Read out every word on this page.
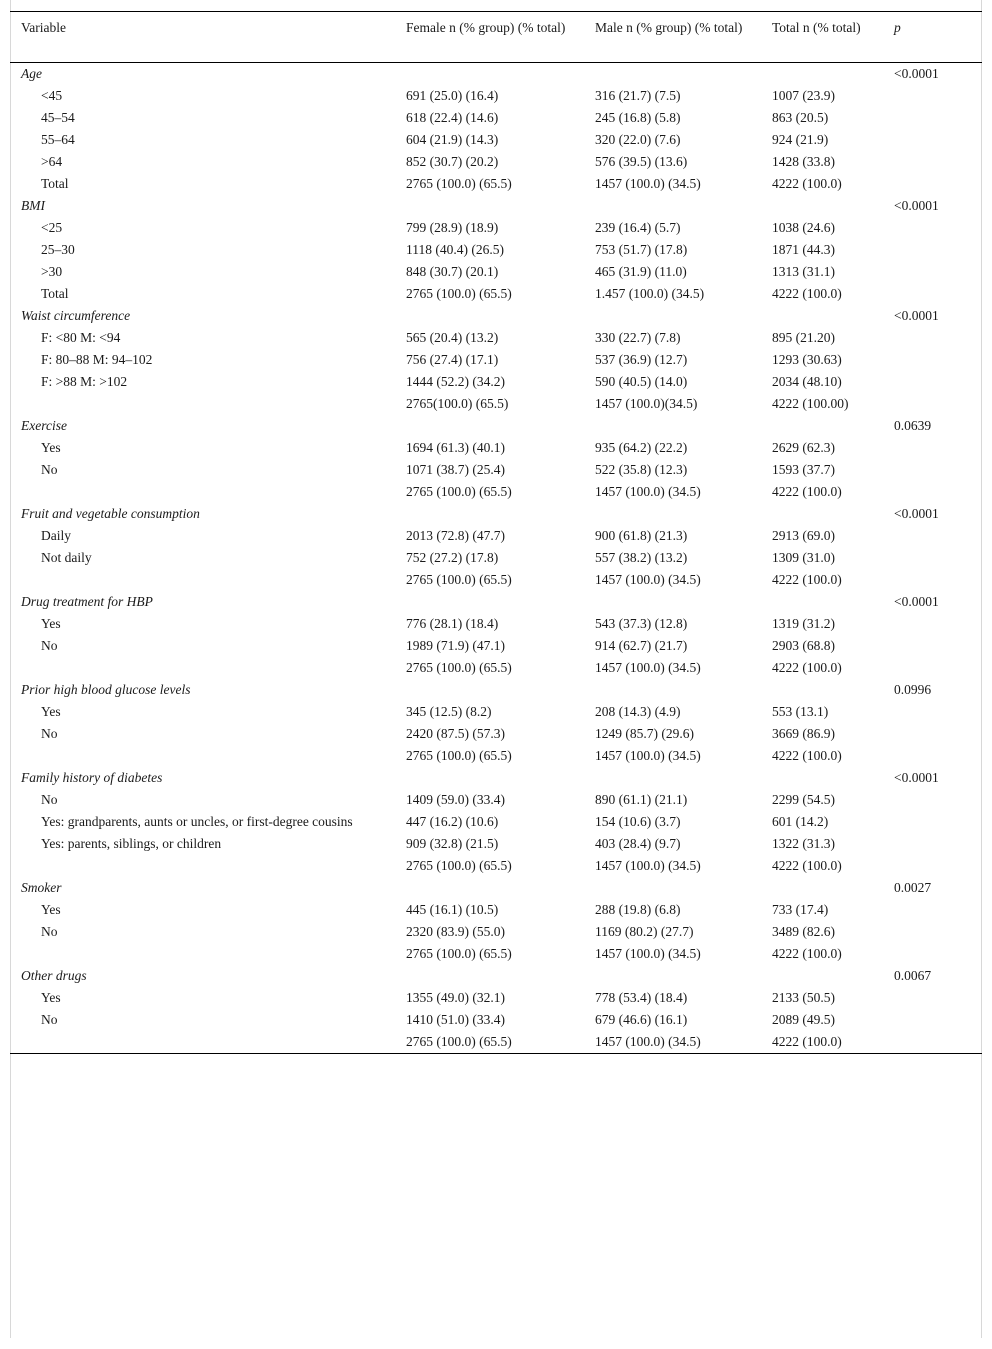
Variable	Female n (% group) (% total)	Male n (% group) (% total)	Total n (% total)	p
Age				<0.0001
<45	691 (25.0) (16.4)	316 (21.7) (7.5)	1007 (23.9)	
45–54	618 (22.4) (14.6)	245 (16.8) (5.8)	863 (20.5)	
55–64	604 (21.9) (14.3)	320 (22.0) (7.6)	924 (21.9)	
>64	852 (30.7) (20.2)	576 (39.5) (13.6)	1428 (33.8)	
Total	2765 (100.0) (65.5)	1457 (100.0) (34.5)	4222 (100.0)	
BMI				<0.0001
<25	799 (28.9) (18.9)	239 (16.4) (5.7)	1038 (24.6)	
25–30	1118 (40.4) (26.5)	753 (51.7) (17.8)	1871 (44.3)	
>30	848 (30.7) (20.1)	465 (31.9) (11.0)	1313 (31.1)	
Total	2765 (100.0) (65.5)	1.457 (100.0) (34.5)	4222 (100.0)	
Waist circumference				<0.0001
F: <80 M: <94	565 (20.4) (13.2)	330 (22.7) (7.8)	895 (21.20)	
F: 80–88 M: 94–102	756 (27.4) (17.1)	537 (36.9) (12.7)	1293 (30.63)	
F: >88 M: >102	1444 (52.2) (34.2)	590 (40.5) (14.0)	2034 (48.10)	
	2765(100.0) (65.5)	1457 (100.0)(34.5)	4222 (100.00)	
Exercise				0.0639
Yes	1694 (61.3) (40.1)	935 (64.2) (22.2)	2629 (62.3)	
No	1071 (38.7) (25.4)	522 (35.8) (12.3)	1593 (37.7)	
	2765 (100.0) (65.5)	1457 (100.0) (34.5)	4222 (100.0)	
Fruit and vegetable consumption				<0.0001
Daily	2013 (72.8) (47.7)	900 (61.8) (21.3)	2913 (69.0)	
Not daily	752 (27.2) (17.8)	557 (38.2) (13.2)	1309 (31.0)	
	2765 (100.0) (65.5)	1457 (100.0) (34.5)	4222 (100.0)	
Drug treatment for HBP				<0.0001
Yes	776 (28.1) (18.4)	543 (37.3) (12.8)	1319 (31.2)	
No	1989 (71.9) (47.1)	914 (62.7) (21.7)	2903 (68.8)	
	2765 (100.0) (65.5)	1457 (100.0) (34.5)	4222 (100.0)	
Prior high blood glucose levels				0.0996
Yes	345 (12.5) (8.2)	208 (14.3) (4.9)	553 (13.1)	
No	2420 (87.5) (57.3)	1249 (85.7) (29.6)	3669 (86.9)	
	2765 (100.0) (65.5)	1457 (100.0) (34.5)	4222 (100.0)	
Family history of diabetes				<0.0001
No	1409 (59.0) (33.4)	890 (61.1) (21.1)	2299 (54.5)	
Yes: grandparents, aunts or uncles, or first-degree cousins	447 (16.2) (10.6)	154 (10.6) (3.7)	601 (14.2)	
Yes: parents, siblings, or children	909 (32.8) (21.5)	403 (28.4) (9.7)	1322 (31.3)	
	2765 (100.0) (65.5)	1457 (100.0) (34.5)	4222 (100.0)	
Smoker				0.0027
Yes	445 (16.1) (10.5)	288 (19.8) (6.8)	733 (17.4)	
No	2320 (83.9) (55.0)	1169 (80.2) (27.7)	3489 (82.6)	
	2765 (100.0) (65.5)	1457 (100.0) (34.5)	4222 (100.0)	
Other drugs				0.0067
Yes	1355 (49.0) (32.1)	778 (53.4) (18.4)	2133 (50.5)	
No	1410 (51.0) (33.4)	679 (46.6) (16.1)	2089 (49.5)	
	2765 (100.0) (65.5)	1457 (100.0) (34.5)	4222 (100.0)	
